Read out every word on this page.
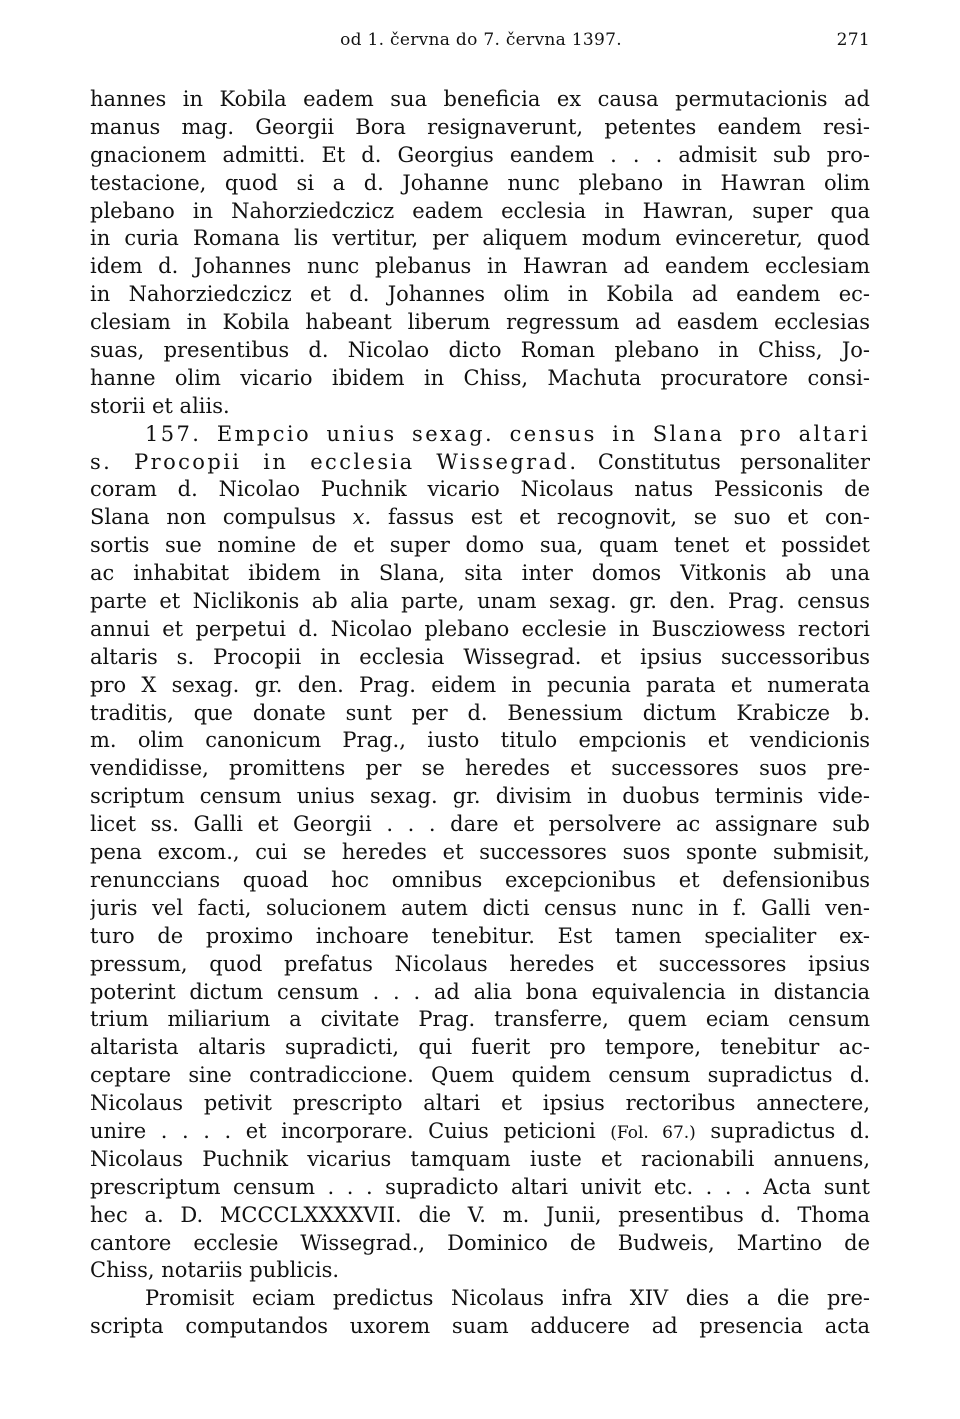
od 1. června do 7. června 1397.	271
hannes in Kobila eadem sua beneficia ex causa permutacionis ad
manus mag. Georgii Bora resignaverunt, petentes eandem resi-
gnacionem admitti. Et d. Georgius eandem . . . admisit sub pro-
testacione, quod si a d. Johanne nunc plebano in Hawran olim
plebano in Nahorziedczicz eadem ecclesia in Hawran, super qua
in curia Romana lis vertitur, per aliquem modum evinceretur, quod
idem d. Johannes nunc plebanus in Hawran ad eandem ecclesiam
in Nahorziedczicz et d. Johannes olim in Kobila ad eandem ec-
clesiam in Kobila habeant liberum regressum ad easdem ecclesias
suas, presentibus d. Nicolao dicto Roman plebano in Chiss, Jo-
hanne olim vicario ibidem in Chiss, Machuta procuratore consi-
storii et aliis.
157. Empcio unius sexag. census in Slana pro altari
s. Procopii in ecclesia Wissegrad. Constitutus personaliter
coram d. Nicolao Puchnik vicario Nicolaus natus Pessiconis de
Slana non compulsus x. fassus est et recognovit, se suo et con-
sortis sue nomine de et super domo sua, quam tenet et possidet
ac inhabitat ibidem in Slana, sita inter domos Vitkonis ab una
parte et Niclikonis ab alia parte, unam sexag. gr. den. Prag. census
annui et perpetui d. Nicolao plebano ecclesie in Buscziowess rectori
altaris s. Procopii in ecclesia Wissegrad. et ipsius successoribus
pro X sexag. gr. den. Prag. eidem in pecunia parata et numerata
traditis, que donate sunt per d. Benessium dictum Krabicze b.
m. olim canonicum Prag., iusto titulo empcionis et vendicionis
vendidisse, promittens per se heredes et successores suos pre-
scriptum censum unius sexag. gr. divisim in duobus terminis vide-
licet ss. Galli et Georgii . . . dare et persolvere ac assignare sub
pena excom., cui se heredes et successores suos sponte submisit,
renunccians quoad hoc omnibus excepcionibus et defensionibus
juris vel facti, solucionem autem dicti census nunc in f. Galli ven-
turo de proximo inchoare tenebitur. Est tamen specialiter ex-
pressum, quod prefatus Nicolaus heredes et successores ipsius
poterint dictum censum . . . ad alia bona equivalencia in distancia
trium miliarium a civitate Prag. transferre, quem eciam censum
altarista altaris supradicti, qui fuerit pro tempore, tenebitur ac-
ceptare sine contradiccione. Quem quidem censum supradictus d.
Nicolaus petivit prescripto altari et ipsius rectoribus annectere,
unire . . . . et incorporare. Cuius peticioni (Fol. 67.) supradictus d.
Nicolaus Puchnik vicarius tamquam iuste et racionabili annuens,
prescriptum censum . . . supradicto altari univit etc. . . . Acta sunt
hec a. D. MCCCLXXXXVII. die V. m. Junii, presentibus d. Thoma
cantore ecclesie Wissegrad., Dominico de Budweis, Martino de
Chiss, notariis publicis.
Promisit eciam predictus Nicolaus infra XIV dies a die pre-
scripta computandos uxorem suam adducere ad presencia acta
